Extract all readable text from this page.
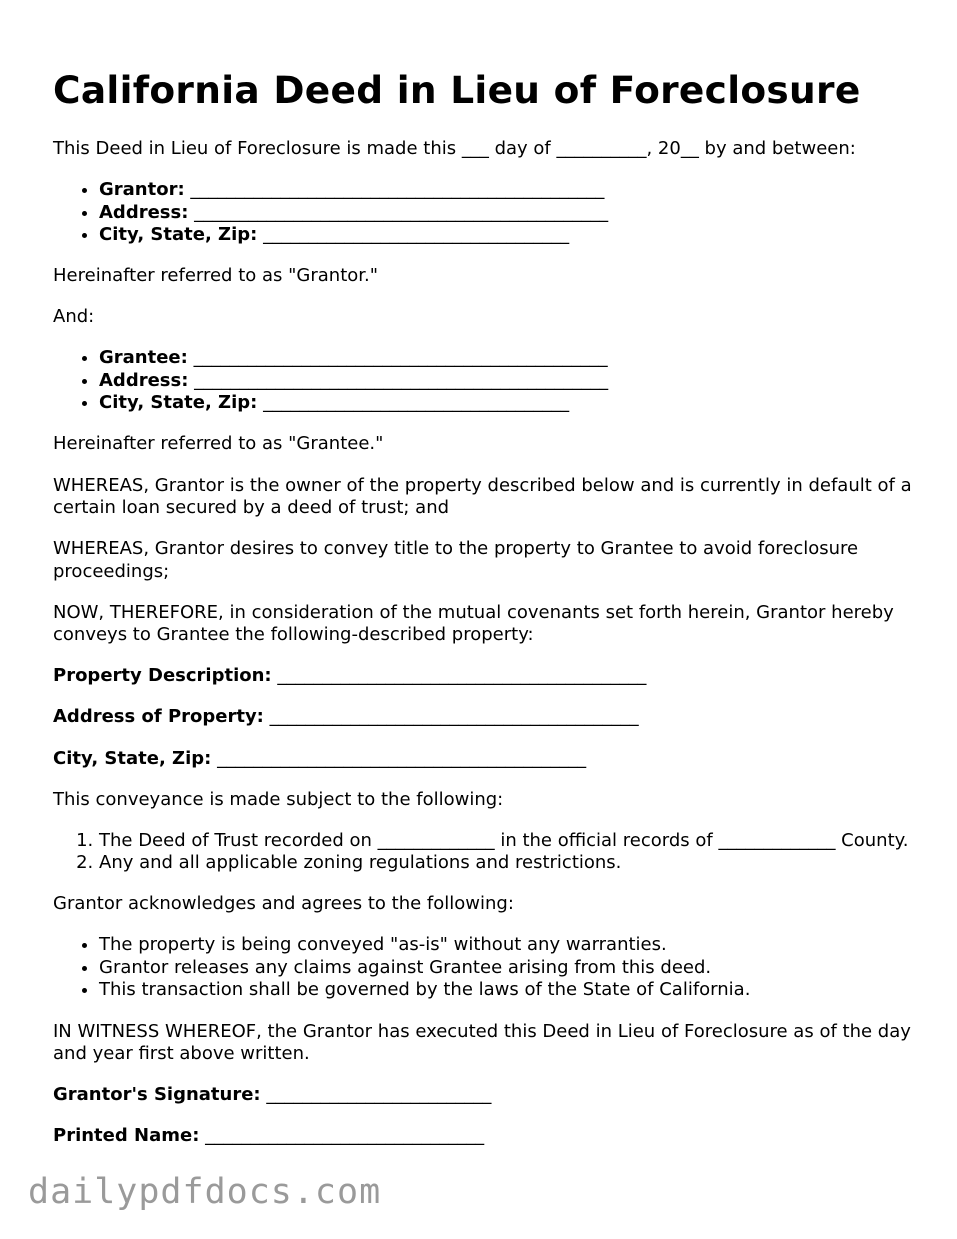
California Deed in Lieu of Foreclosure

This Deed in Lieu of Foreclosure is made this ___ day of __________, 20__ by and between:

• Grantor: ______________________________________________
• Address: ______________________________________________
• City, State, Zip: __________________________________

Hereinafter referred to as "Grantor."

And:

• Grantee: ______________________________________________
• Address: ______________________________________________
• City, State, Zip: __________________________________

Hereinafter referred to as "Grantee."

WHEREAS, Grantor is the owner of the property described below and is currently in default of a certain loan secured by a deed of trust; and

WHEREAS, Grantor desires to convey title to the property to Grantee to avoid foreclosure proceedings;

NOW, THEREFORE, in consideration of the mutual covenants set forth herein, Grantor hereby conveys to Grantee the following-described property:

Property Description: _________________________________________

Address of Property: _________________________________________

City, State, Zip: _________________________________________

This conveyance is made subject to the following:

1. The Deed of Trust recorded on _____________ in the official records of _____________ County.
2. Any and all applicable zoning regulations and restrictions.

Grantor acknowledges and agrees to the following:

• The property is being conveyed "as-is" without any warranties.
• Grantor releases any claims against Grantee arising from this deed.
• This transaction shall be governed by the laws of the State of California.

IN WITNESS WHEREOF, the Grantor has executed this Deed in Lieu of Foreclosure as of the day and year first above written.

Grantor's Signature: _________________________

Printed Name: _______________________________

dailypdfdocs.com
